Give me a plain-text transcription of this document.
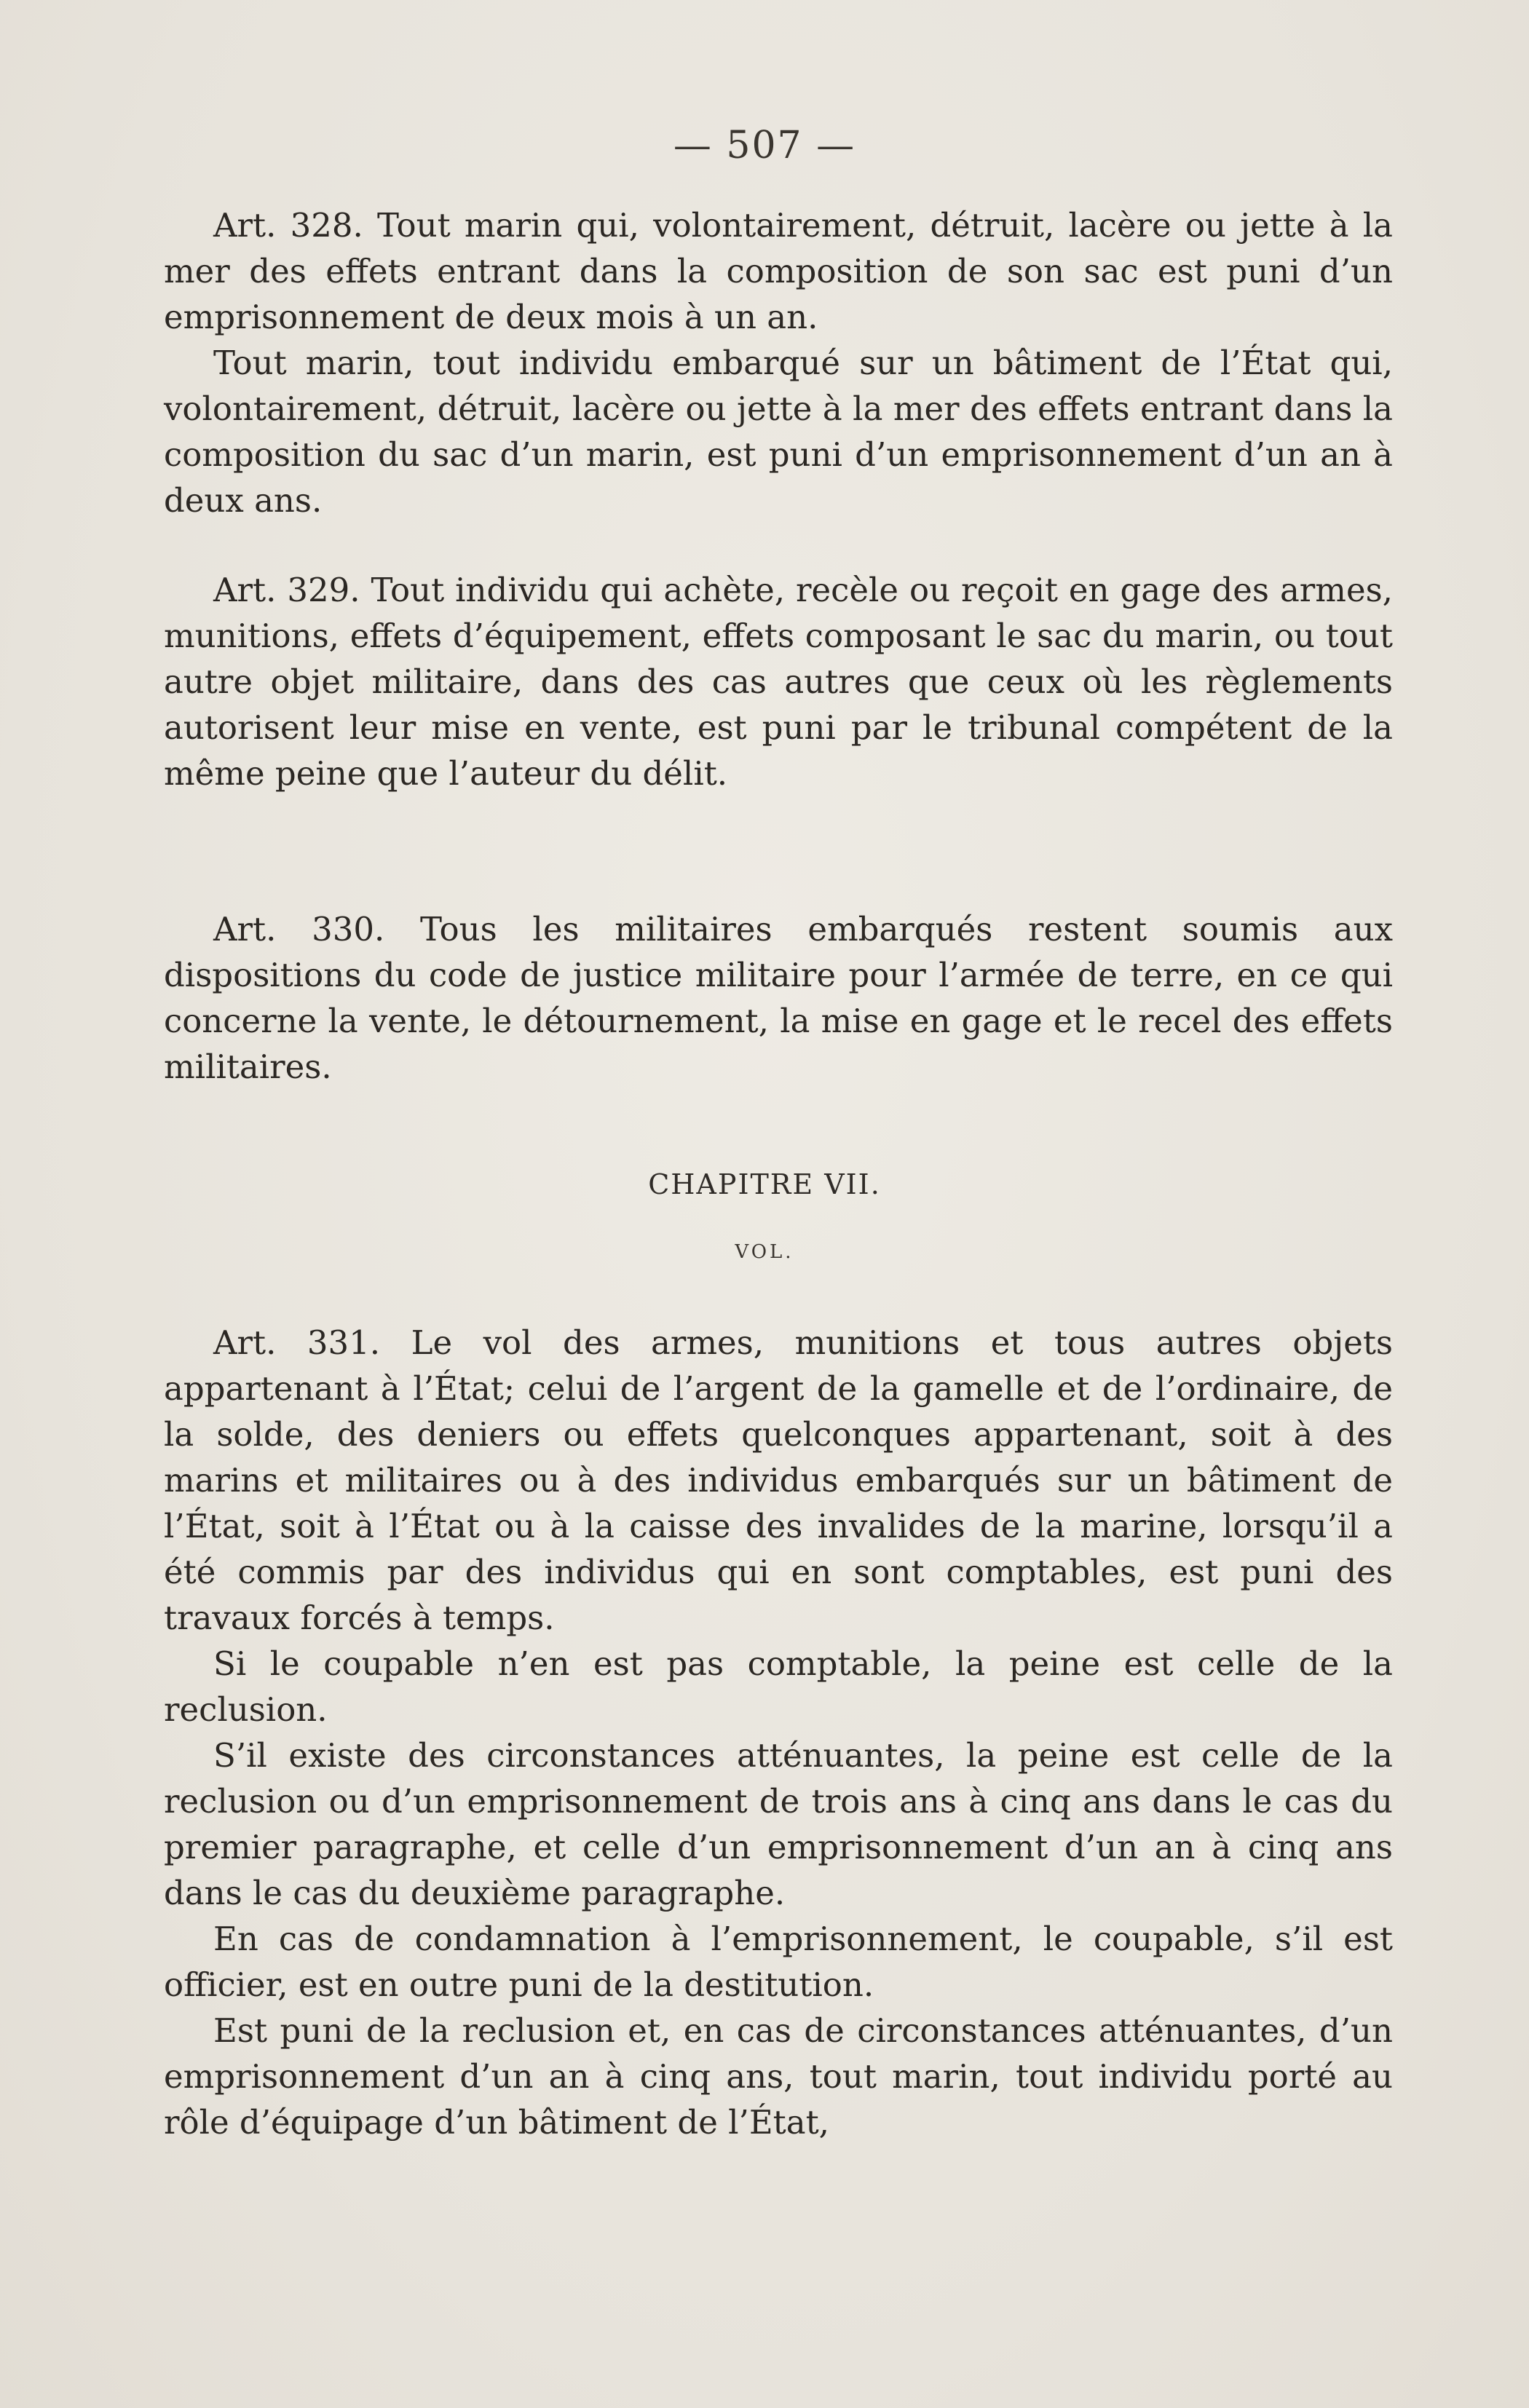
— 507 —

Art. 328. Tout marin qui, volontairement, détruit, lacère ou jette à la mer des effets entrant dans la composition de son sac est puni d’un emprisonnement de deux mois à un an.

Tout marin, tout individu embarqué sur un bâtiment de l’État qui, volontairement, détruit, lacère ou jette à la mer des effets entrant dans la composition du sac d’un marin, est puni d’un emprisonnement d’un an à deux ans.

Art. 329. Tout individu qui achète, recèle ou reçoit en gage des armes, munitions, effets d’équipement, effets composant le sac du marin, ou tout autre objet militaire, dans des cas autres que ceux où les règlements autorisent leur mise en vente, est puni par le tribunal compétent de la même peine que l’auteur du délit.

Art. 330. Tous les militaires embarqués restent soumis aux dispositions du code de justice militaire pour l’armée de terre, en ce qui concerne la vente, le détournement, la mise en gage et le recel des effets militaires.

CHAPITRE VII.
VOL.

Art. 331. Le vol des armes, munitions et tous autres objets appartenant à l’État; celui de l’argent de la gamelle et de l’ordinaire, de la solde, des deniers ou effets quelconques appartenant, soit à des marins et militaires ou à des individus embarqués sur un bâtiment de l’État, soit à l’État ou à la caisse des invalides de la marine, lorsqu’il a été commis par des individus qui en sont comptables, est puni des travaux forcés à temps.

Si le coupable n’en est pas comptable, la peine est celle de la reclusion.

S’il existe des circonstances atténuantes, la peine est celle de la reclusion ou d’un emprisonnement de trois ans à cinq ans dans le cas du premier paragraphe, et celle d’un emprisonnement d’un an à cinq ans dans le cas du deuxième paragraphe.

En cas de condamnation à l’emprisonnement, le coupable, s’il est officier, est en outre puni de la destitution.

Est puni de la reclusion et, en cas de circonstances atténuantes, d’un emprisonnement d’un an à cinq ans, tout marin, tout individu porté au rôle d’équipage d’un bâtiment de l’État,
